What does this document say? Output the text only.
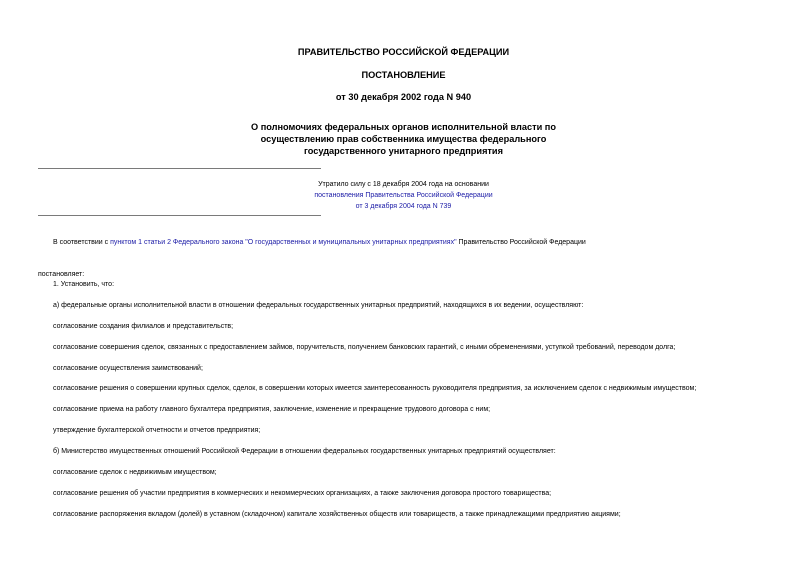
ПРАВИТЕЛЬСТВО РОССИЙСКОЙ ФЕДЕРАЦИИ
ПОСТАНОВЛЕНИЕ
от 30 декабря 2002 года N 940
О полномочиях федеральных органов исполнительной власти по
осуществлению прав собственника имущества федерального
государственного унитарного предприятия
Утратило силу с 18 декабря 2004 года на основании
постановления Правительства Российской Федерации
от 3 декабря 2004 года N 739
В соответствии с пунктом 1 статьи 2 Федерального закона "О государственных и муниципальных унитарных предприятиях" Правительство Российской Федерации
постановляет:
1. Установить, что:
а) федеральные органы исполнительной власти в отношении федеральных государственных унитарных предприятий, находящихся в их ведении, осуществляют:
согласование создания филиалов и представительств;
согласование совершения сделок, связанных с предоставлением займов, поручительств, получением банковских гарантий, с иными обременениями, уступкой требований, переводом долга;
согласование осуществления заимствований;
согласование решения о совершении крупных сделок, сделок, в совершении которых имеется заинтересованность руководителя предприятия, за исключением сделок с недвижимым имуществом;
согласование приема на работу главного бухгалтера предприятия, заключение, изменение и прекращение трудового договора с ним;
утверждение бухгалтерской отчетности и отчетов предприятия;
б) Министерство имущественных отношений Российской Федерации в отношении федеральных государственных унитарных предприятий осуществляет:
согласование сделок с недвижимым имуществом;
согласование решения об участии предприятия в коммерческих и некоммерческих организациях, а также заключения договора простого товарищества;
согласование распоряжения вкладом (долей) в уставном (складочном) капитале хозяйственных обществ или товариществ, а также принадлежащими предприятию акциями;
